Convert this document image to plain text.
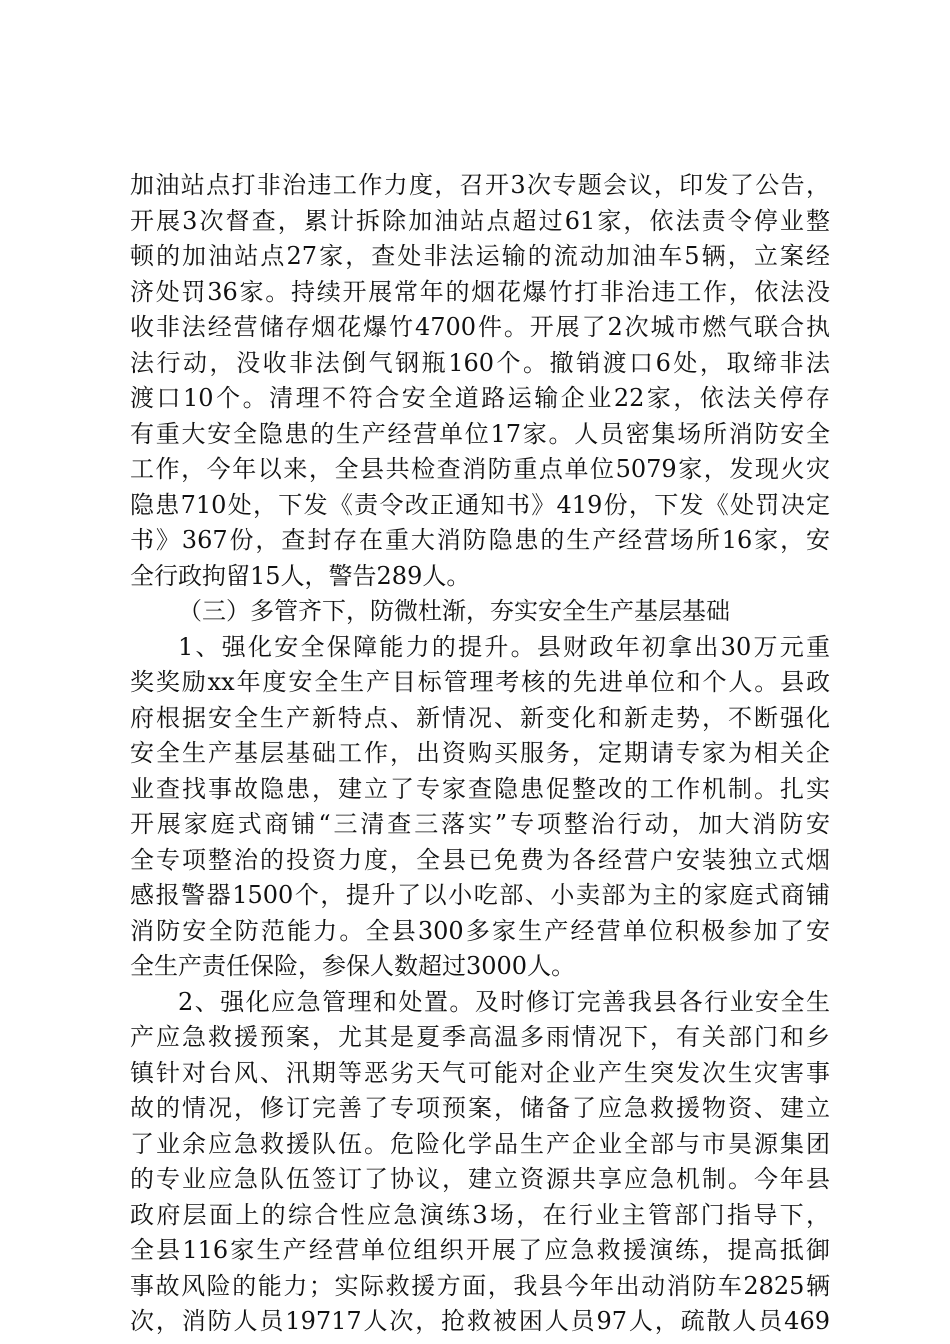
加油站点打非治违工作力度，召开3次专题会议，印发了公告，
开展3次督查，累计拆除加油站点超过61家，依法责令停业整
顿的加油站点27家，查处非法运输的流动加油车5辆，立案经
济处罚36家。持续开展常年的烟花爆竹打非治违工作，依法没
收非法经营储存烟花爆竹4700件。开展了2次城市燃气联合执
法行动，没收非法倒气钢瓶160个。撤销渡口6处，取缔非法
渡口10个。清理不符合安全道路运输企业22家，依法关停存
有重大安全隐患的生产经营单位17家。人员密集场所消防安全
工作，今年以来，全县共检查消防重点单位5079家，发现火灾
隐患710处，下发《责令改正通知书》419份，下发《处罚决定
书》367份，查封存在重大消防隐患的生产经营场所16家，安
全行政拘留15人，警告289人。
（三）多管齐下，防微杜渐，夯实安全生产基层基础
1、强化安全保障能力的提升。县财政年初拿出30万元重
奖奖励xx年度安全生产目标管理考核的先进单位和个人。县政
府根据安全生产新特点、新情况、新变化和新走势，不断强化
安全生产基层基础工作，出资购买服务，定期请专家为相关企
业查找事故隐患，建立了专家查隐患促整改的工作机制。扎实
开展家庭式商铺“三清查三落实”专项整治行动，加大消防安
全专项整治的投资力度，全县已免费为各经营户安装独立式烟
感报警器1500个，提升了以小吃部、小卖部为主的家庭式商铺
消防安全防范能力。全县300多家生产经营单位积极参加了安
全生产责任保险，参保人数超过3000人。
2、强化应急管理和处置。及时修订完善我县各行业安全生
产应急救援预案，尤其是夏季高温多雨情况下，有关部门和乡
镇针对台风、汛期等恶劣天气可能对企业产生突发次生灾害事
故的情况，修订完善了专项预案，储备了应急救援物资、建立
了业余应急救援队伍。危险化学品生产企业全部与市昊源集团
的专业应急队伍签订了协议，建立资源共享应急机制。今年县
政府层面上的综合性应急演练3场，在行业主管部门指导下，
全县116家生产经营单位组织开展了应急救援演练，提高抵御
事故风险的能力；实际救援方面，我县今年出动消防车2825辆
次，消防人员19717人次，抢救被困人员97人，疏散人员469
